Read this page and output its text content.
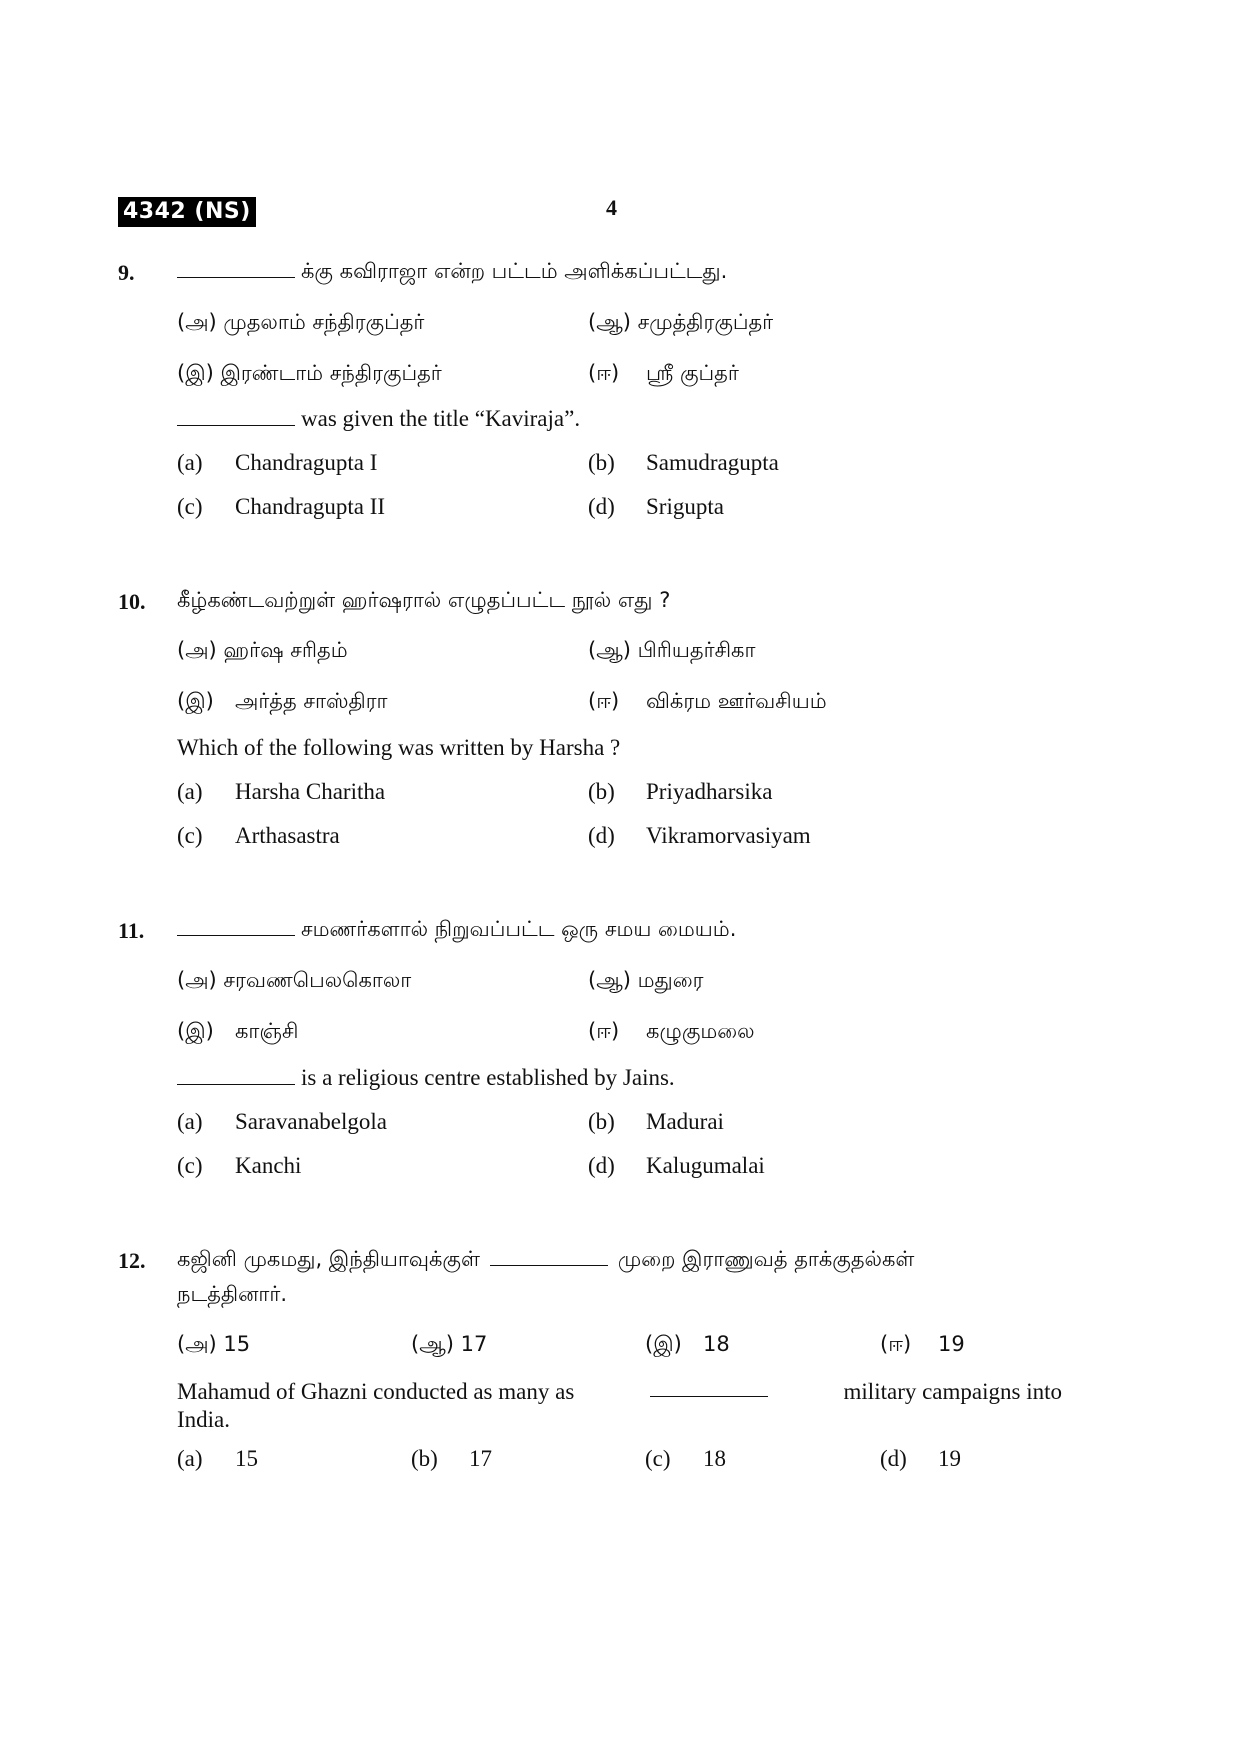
4342 (NS)	4
9.	க்கு கவிராஜா என்ற பட்டம் அளிக்கப்பட்டது.
(அ) முதலாம் சந்திரகுப்தர்	(ஆ) சமுத்திரகுப்தர்
(இ) இரண்டாம் சந்திரகுப்தர்	(ஈ) ஸ்ரீ குப்தர்
was given the title “Kaviraja”.
(a) Chandragupta I	(b) Samudragupta
(c) Chandragupta II	(d) Srigupta
10. கீழ்கண்டவற்றுள் ஹர்ஷரால் எழுதப்பட்ட நூல் எது ?
(அ) ஹர்ஷ சரிதம்	(ஆ) பிரியதர்சிகா
(இ) அர்த்த சாஸ்திரா	(ஈ) விக்ரம ஊர்வசியம்
Which of the following was written by Harsha ?
(a) Harsha Charitha	(b) Priyadharsika
(c) Arthasastra	(d) Vikramorvasiyam
11.	சமணர்களால் நிறுவப்பட்ட ஒரு சமய மையம்.
(அ) சரவணபெலகொலா	(ஆ) மதுரை
(இ) காஞ்சி	(ஈ) கழுகுமலை
is a religious centre established by Jains.
(a) Saravanabelgola	(b) Madurai
(c) Kanchi	(d) Kalugumalai
12. கஜினி முகமது, இந்தியாவுக்குள்	முறை இராணுவத் தாக்குதல்கள்
நடத்தினார்.
(அ) 15	(ஆ) 17	(இ) 18	(ஈ) 19
Mahamud of Ghazni conducted as many as	military campaigns into
India.
(a) 15	(b) 17	(c) 18	(d) 19
